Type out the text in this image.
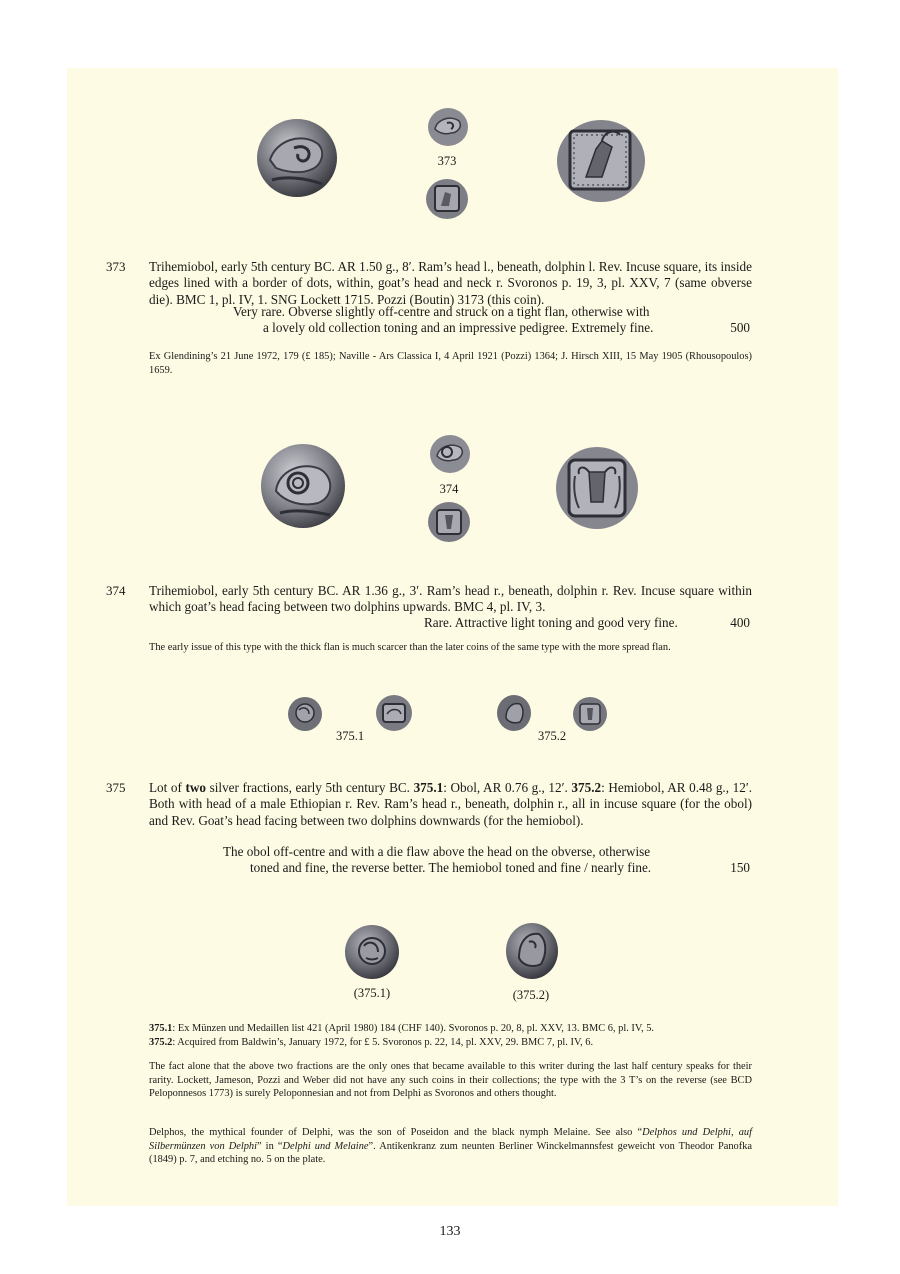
373
373 Trihemiobol, early 5th century BC. AR 1.50 g., 8′. Ram’s head l., beneath, dolphin l. Rev. Incuse square, its inside edges lined with a border of dots, within, goat’s head and neck r. Svoronos p. 19, 3, pl. XXV, 7 (same obverse die). BMC 1, pl. IV, 1. SNG Lockett 1715. Pozzi (Boutin) 3173 (this coin).
Very rare. Obverse slightly off-centre and struck on a tight flan, otherwise with
a lovely old collection toning and an impressive pedigree. Extremely fine.	500
Ex Glendining’s 21 June 1972, 179 (£ 185); Naville - Ars Classica I, 4 April 1921 (Pozzi) 1364; J. Hirsch XIII, 15 May 1905 (Rhousopoulos) 1659.
374
374 Trihemiobol, early 5th century BC. AR 1.36 g., 3′. Ram’s head r., beneath, dolphin r. Rev. Incuse square within which goat’s head facing between two dolphins upwards. BMC 4, pl. IV, 3.
Rare. Attractive light toning and good very fine.	400
The early issue of this type with the thick flan is much scarcer than the later coins of the same type with the more spread flan.
375.1	375.2
375 Lot of two silver fractions, early 5th century BC. 375.1: Obol, AR 0.76 g., 12′. 375.2: Hemiobol, AR 0.48 g., 12′. Both with head of a male Ethiopian r. Rev. Ram’s head r., beneath, dolphin r., all in incuse square (for the obol) and Rev. Goat’s head facing between two dolphins downwards (for the hemiobol).
The obol off-centre and with a die flaw above the head on the obverse, otherwise
toned and fine, the reverse better. The hemiobol toned and fine / nearly fine.	150
(375.1)	(375.2)
375.1: Ex Münzen und Medaillen list 421 (April 1980) 184 (CHF 140). Svoronos p. 20, 8, pl. XXV, 13. BMC 6, pl. IV, 5.
375.2: Acquired from Baldwin’s, January 1972, for £ 5. Svoronos p. 22, 14, pl. XXV, 29. BMC 7, pl. IV, 6.
The fact alone that the above two fractions are the only ones that became available to this writer during the last half century speaks for their rarity. Lockett, Jameson, Pozzi and Weber did not have any such coins in their collections; the type with the 3 T’s on the reverse (see BCD Peloponnesos 1773) is surely Peloponnesian and not from Delphi as Svoronos and others thought.
Delphos, the mythical founder of Delphi, was the son of Poseidon and the black nymph Melaine. See also “Delphos und Delphi, auf Silbermünzen von Delphi” in “Delphi und Melaine”. Antikenkranz zum neunten Berliner Winckelmannsfest geweicht von Theodor Panofka (1849) p. 7, and etching no. 5 on the plate.
133
